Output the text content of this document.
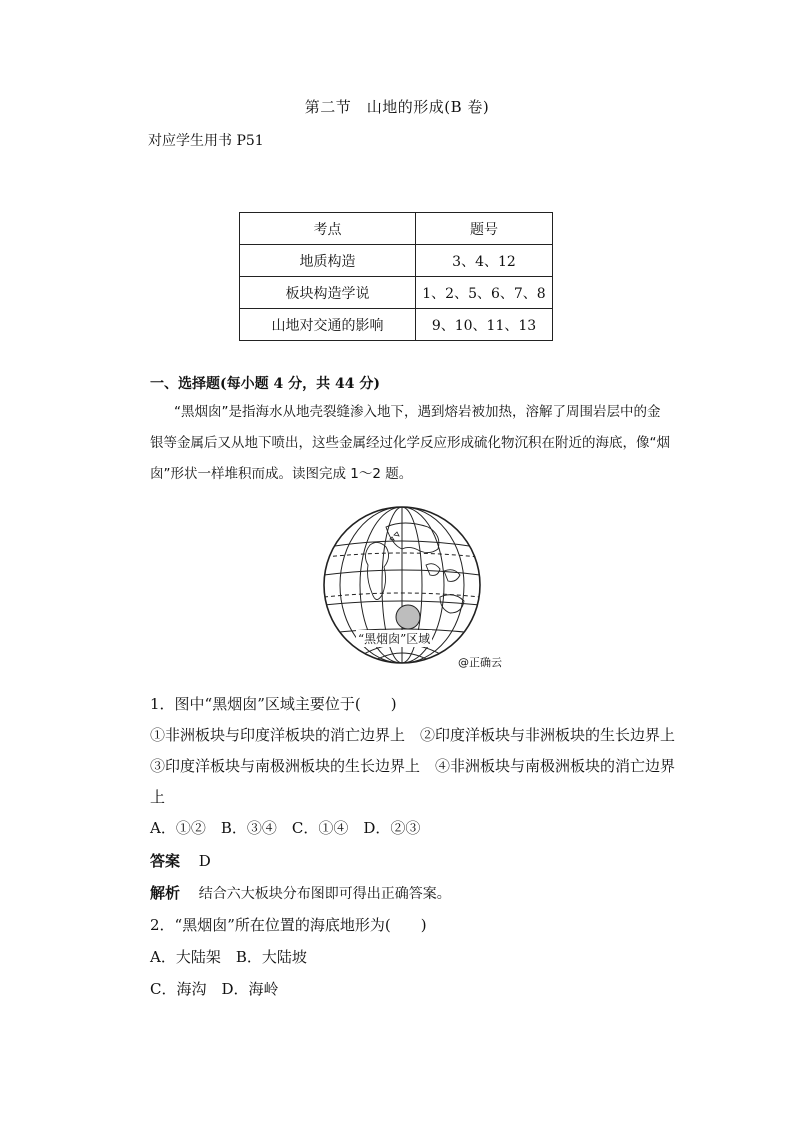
第二节　山地的形成(B 卷)
对应学生用书 P51
考点	题号
地质构造	3、4、12
板块构造学说	1、2、5、6、7、8
山地对交通的影响	9、10、11、13
一、选择题(每小题 4 分，共 44 分)
“黑烟囱”是指海水从地壳裂缝渗入地下，遇到熔岩被加热，溶解了周围岩层中的金银等金属后又从地下喷出，这些金属经过化学反应形成硫化物沉积在附近的海底，像“烟囱”形状一样堆积而成。读图完成 1～2 题。
“黑烟囱”区域
@正确云
1．图中“黑烟囱”区域主要位于(　　)
①非洲板块与印度洋板块的消亡边界上　②印度洋板块与非洲板块的生长边界上　③印度洋板块与南极洲板块的生长边界上　④非洲板块与南极洲板块的消亡边界上
A．①②　B．③④　C．①④　D．②③
答案 D
解析 结合六大板块分布图即可得出正确答案。
2．“黑烟囱”所在位置的海底地形为(　　)
A．大陆架　B．大陆坡
C．海沟　D．海岭
